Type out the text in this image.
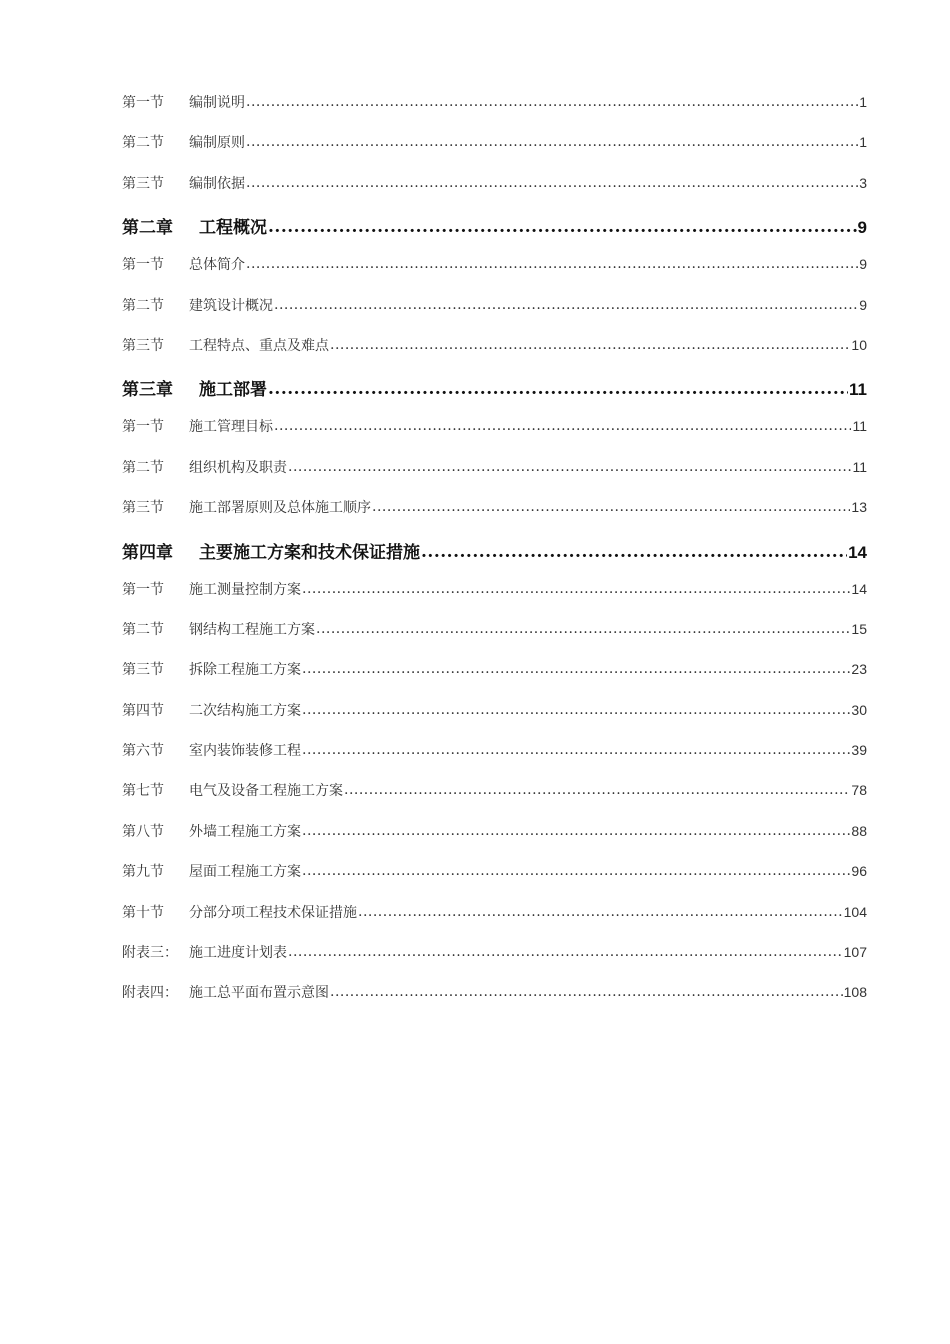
第一节 编制说明 .....	1
第二节 编制原则 .....	1
第三节 编制依据 .....	3
第二章 工程概况 .....	9
第一节 总体简介 .....	9
第二节 建筑设计概况 .....	9
第三节 工程特点、重点及难点 .....	10
第三章 施工部署 .....	11
第一节 施工管理目标 .....	11
第二节 组织机构及职责 .....	11
第三节 施工部署原则及总体施工顺序 .....	13
第四章 主要施工方案和技术保证措施 .....	14
第一节 施工测量控制方案 .....	14
第二节 钢结构工程施工方案 .....	15
第三节 拆除工程施工方案 .....	23
第四节 二次结构施工方案 .....	30
第六节 室内装饰装修工程 .....	39
第七节 电气及设备工程施工方案 .....	78
第八节 外墙工程施工方案 .....	88
第九节 屋面工程施工方案 .....	96
第十节 分部分项工程技术保证措施 .....	104
附表三： 施工进度计划表 .....	107
附表四： 施工总平面布置示意图 .....	108
